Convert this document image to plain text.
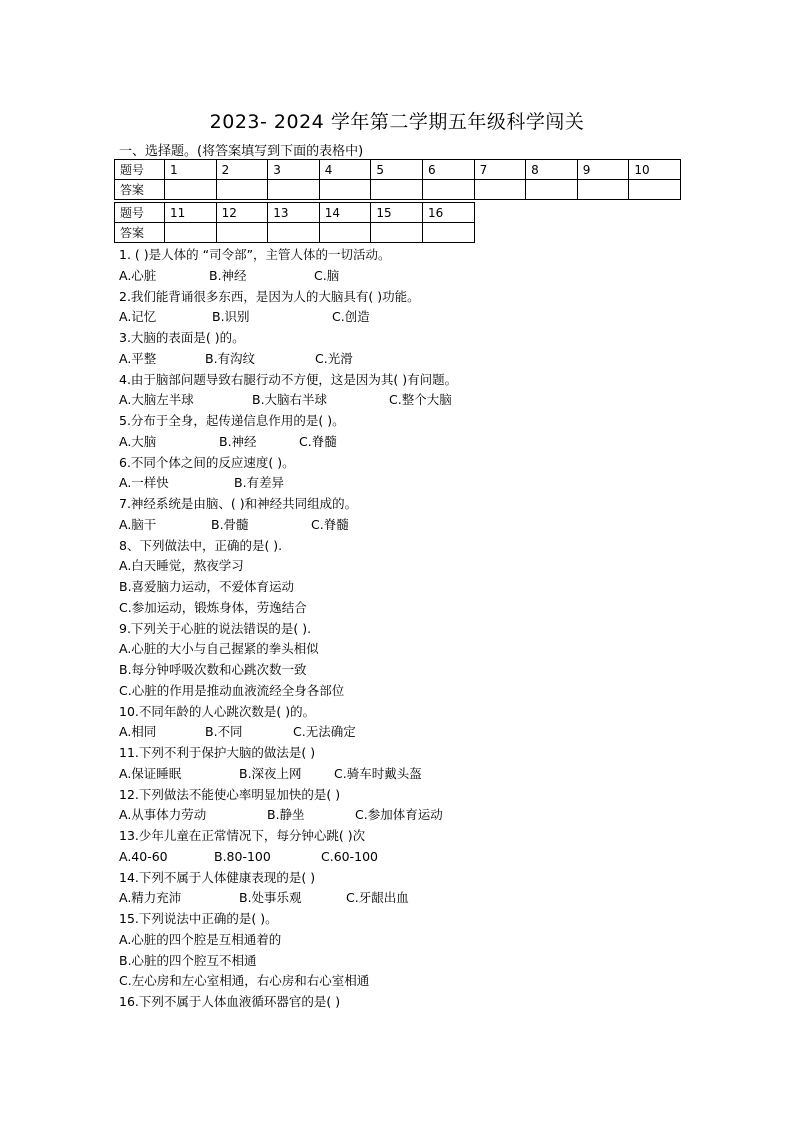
2023- 2024 学年第二学期五年级科学闯关
一、选择题。(将答案填写到下面的表格中)
题号	1	2	3	4	5	6	7	8	9	10
答案										
题号	11	12	13	14	15	16
答案						
1. ( )是人体的 “司令部”，主管人体的一切活动。
A.心脏	B.神经	C.脑
2.我们能背诵很多东西，是因为人的大脑具有( )功能。
A.记忆	B.识别	C.创造
3.大脑的表面是( )的。
A.平整	B.有沟纹	C.光滑
4.由于脑部问题导致右腿行动不方便，这是因为其( )有问题。
A.大脑左半球	B.大脑右半球	C.整个大脑
5.分布于全身，起传递信息作用的是( )。
A.大脑	B.神经	C.脊髓
6.不同个体之间的反应速度( )。
A.一样快	B.有差异
7.神经系统是由脑、( )和神经共同组成的。
A.脑干	B.骨髓	C.脊髓
8、下列做法中，正确的是( ).
A.白天睡觉，熬夜学习
B.喜爱脑力运动，不爱体育运动
C.参加运动，锻炼身体，劳逸结合
9.下列关于心脏的说法错误的是( ).
A.心脏的大小与自己握紧的拳头相似
B.每分钟呼吸次数和心跳次数一致
C.心脏的作用是推动血液流经全身各部位
10.不同年龄的人心跳次数是( )的。
A.相同	B.不同	C.无法确定
11.下列不利于保护大脑的做法是( )
A.保证睡眠	B.深夜上网	C.骑车时戴头盔
12.下列做法不能使心率明显加快的是( )
A.从事体力劳动	B.静坐	C.参加体育运动
13.少年儿童在正常情况下，每分钟心跳( )次
A.40-60	B.80-100	C.60-100
14.下列不属于人体健康表现的是( )
A.精力充沛	B.处事乐观	C.牙龈出血
15.下列说法中正确的是( )。
A.心脏的四个腔是互相通着的
B.心脏的四个腔互不相通
C.左心房和左心室相通，右心房和右心室相通
16.下列不属于人体血液循环器官的是( )
